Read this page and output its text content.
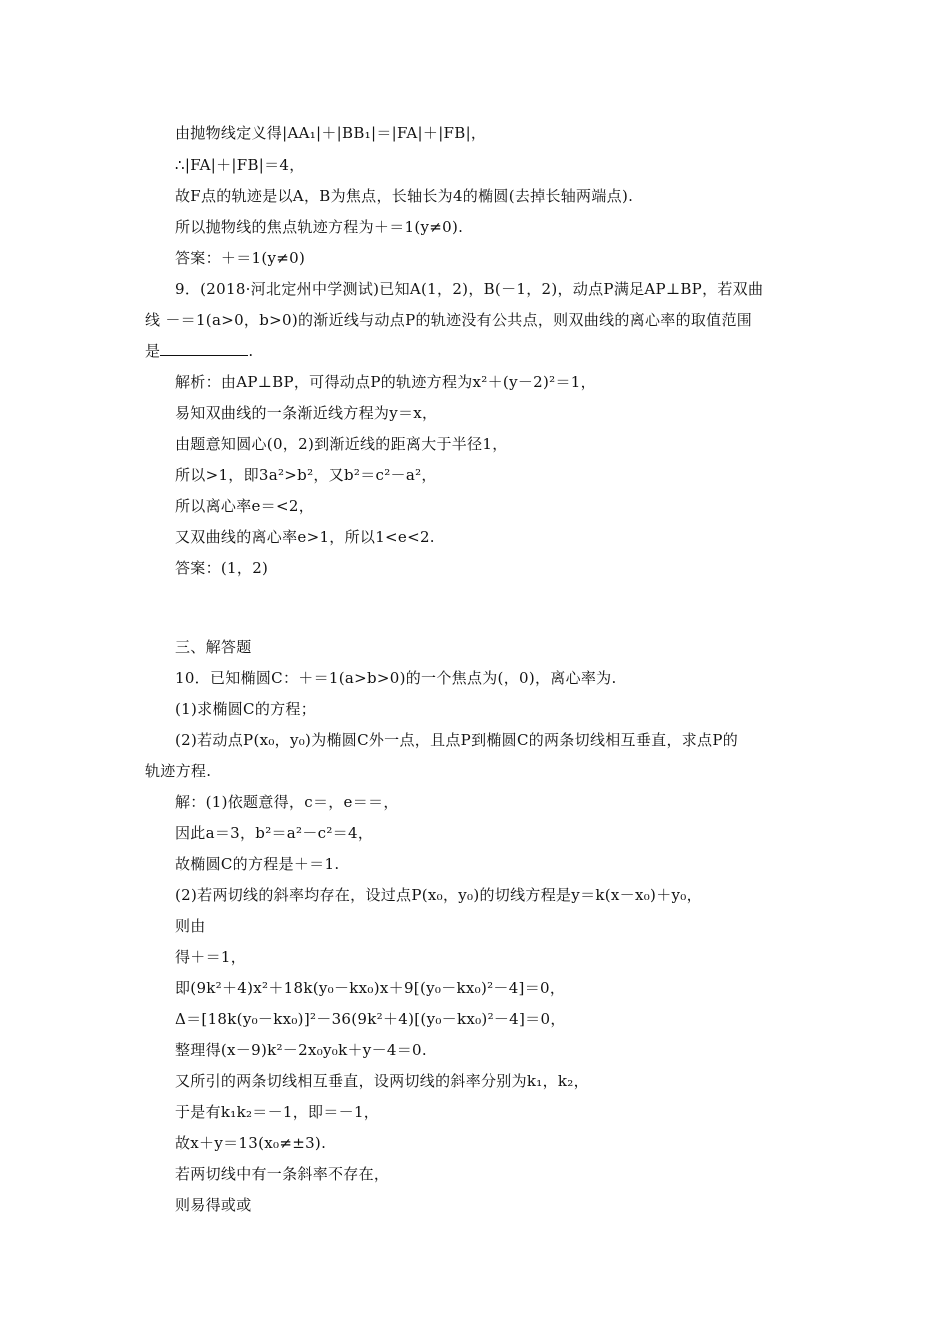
由抛物线定义得|AA₁|＋|BB₁|＝|FA|＋|FB|，
∴|FA|＋|FB|＝4，
故F点的轨迹是以A，B为焦点，长轴长为4的椭圆(去掉长轴两端点).
所以抛物线的焦点轨迹方程为＋＝1(y≠0).
答案：＋＝1(y≠0)
9．(2018·河北定州中学测试)已知A(1，2)，B(－1，2)，动点P满足AP⊥BP，若双曲
线 －＝1(a>0，b>0)的渐近线与动点P的轨迹没有公共点，则双曲线的离心率的取值范围
是	.
解析：由AP⊥BP，可得动点P的轨迹方程为x²＋(y－2)²＝1，
易知双曲线的一条渐近线方程为y＝x，
由题意知圆心(0，2)到渐近线的距离大于半径1，
所以>1，即3a²>b²，又b²＝c²－a²，
所以离心率e＝<2，
又双曲线的离心率e>1，所以1<e<2.
答案：(1，2)
三、解答题
10．已知椭圆C：＋＝1(a>b>0)的一个焦点为(，0)，离心率为.
(1)求椭圆C的方程；
(2)若动点P(x₀，y₀)为椭圆C外一点，且点P到椭圆C的两条切线相互垂直，求点P的
轨迹方程.
解：(1)依题意得，c＝，e＝＝，
因此a＝3，b²＝a²－c²＝4，
故椭圆C的方程是＋＝1.
(2)若两切线的斜率均存在，设过点P(x₀，y₀)的切线方程是y＝k(x－x₀)＋y₀，
则由
得＋＝1，
即(9k²＋4)x²＋18k(y₀－kx₀)x＋9[(y₀－kx₀)²－4]＝0，
Δ＝[18k(y₀－kx₀)]²－36(9k²＋4)[(y₀－kx₀)²－4]＝0，
整理得(x－9)k²－2x₀y₀k＋y－4＝0.
又所引的两条切线相互垂直，设两切线的斜率分别为k₁，k₂，
于是有k₁k₂＝－1，即＝－1，
故x＋y＝13(x₀≠±3).
若两切线中有一条斜率不存在，
则易得或或
